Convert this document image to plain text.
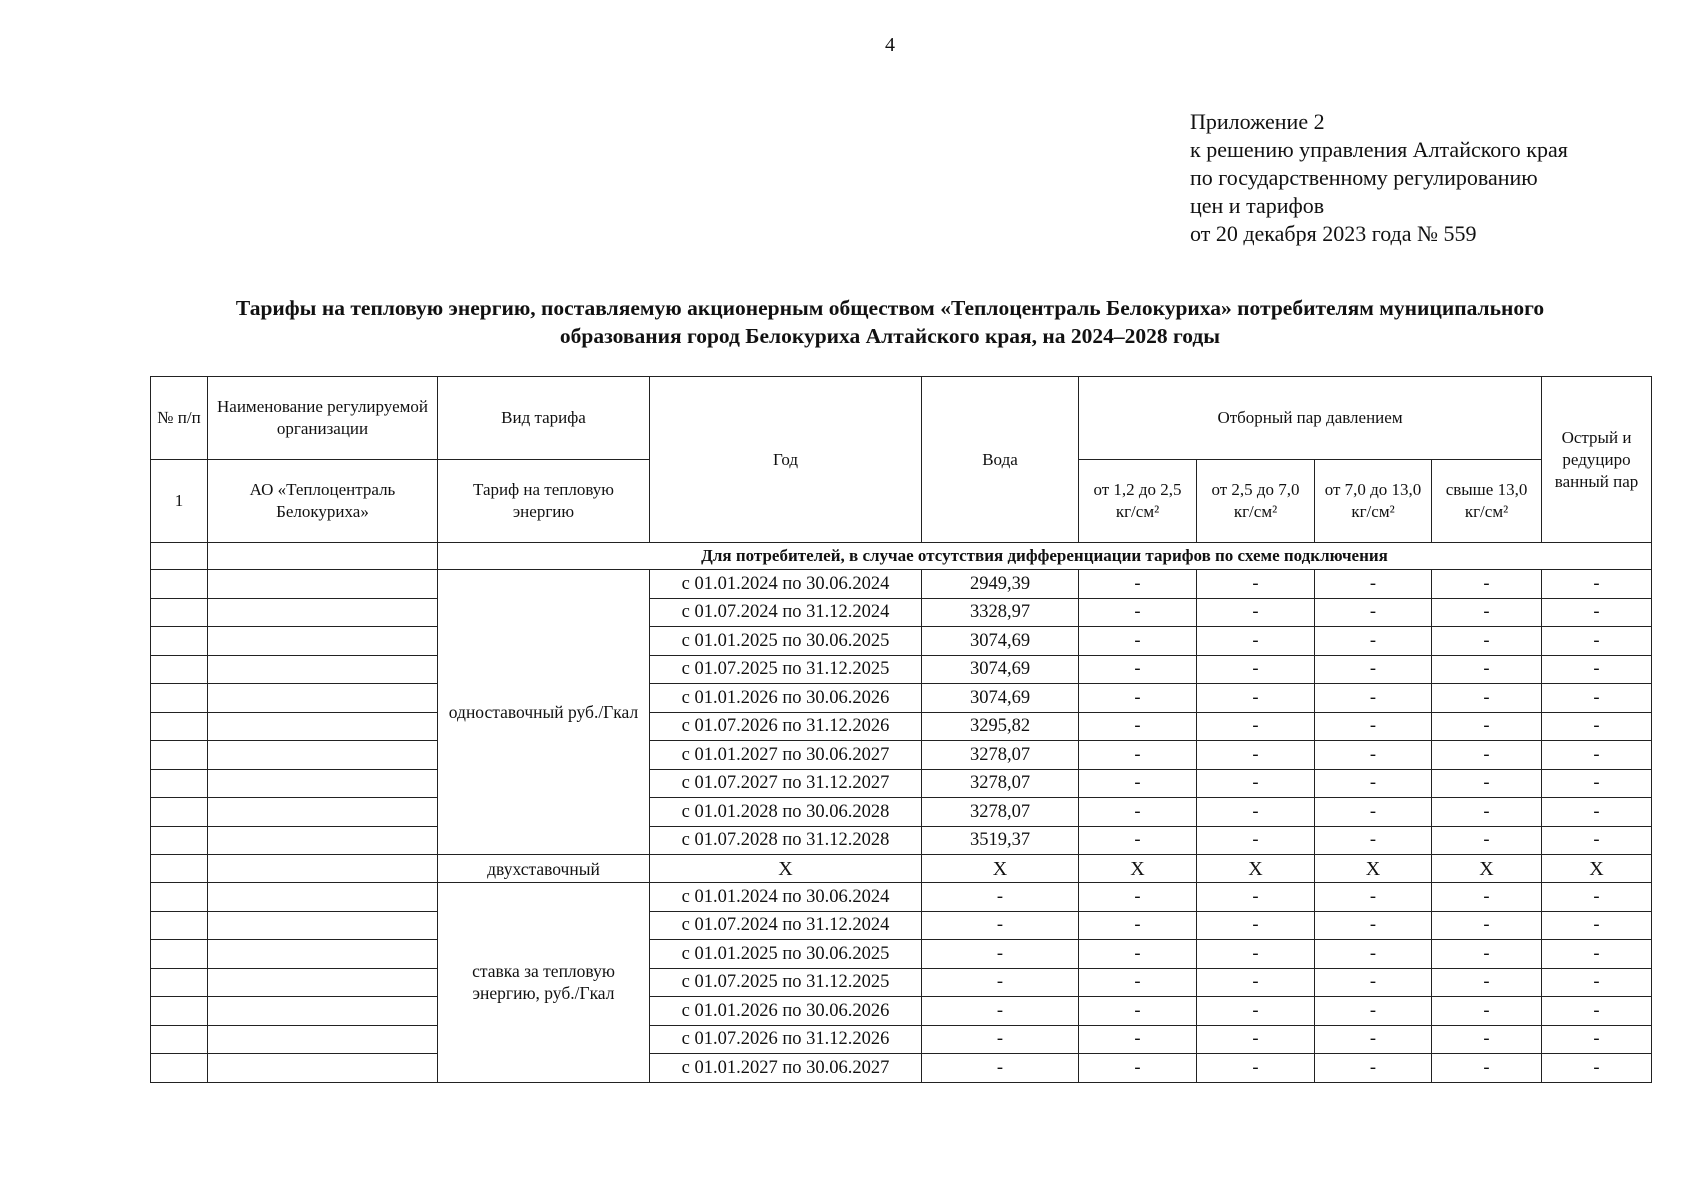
4
Приложение 2
к решению управления Алтайского края
по государственному регулированию
цен и тарифов
от 20 декабря 2023 года № 559
Тарифы на тепловую энергию, поставляемую акционерным обществом «Теплоцентраль Белокуриха» потребителям муниципального
образования город Белокуриха Алтайского края, на 2024–2028 годы
№ п/п	Наименование регулируемой организации	Вид тарифа	Год	Вода	Отборный пар давлением				Острый и редуциро ванный пар
1	АО «Теплоцентраль Белокуриха»	Тариф на тепловую энергию			от 1,2 до 2,5 кг/см²	от 2,5 до 7,0 кг/см²	от 7,0 до 13,0 кг/см²	свыше 13,0 кг/см²	
		Для потребителей, в случае отсутствия дифференциации тарифов по схеме подключения							
		одноставочный руб./Гкал	с 01.01.2024 по 30.06.2024	2949,39	-	-	-	-	-
			с 01.07.2024 по 31.12.2024	3328,97	-	-	-	-	-
			с 01.01.2025 по 30.06.2025	3074,69	-	-	-	-	-
			с 01.07.2025 по 31.12.2025	3074,69	-	-	-	-	-
			с 01.01.2026 по 30.06.2026	3074,69	-	-	-	-	-
			с 01.07.2026 по 31.12.2026	3295,82	-	-	-	-	-
			с 01.01.2027 по 30.06.2027	3278,07	-	-	-	-	-
			с 01.07.2027 по 31.12.2027	3278,07	-	-	-	-	-
			с 01.01.2028 по 30.06.2028	3278,07	-	-	-	-	-
			с 01.07.2028 по 31.12.2028	3519,37	-	-	-	-	-
		двухставочный	X	X	X	X	X	X	X
		ставка за тепловую энергию, руб./Гкал	с 01.01.2024 по 30.06.2024	-	-	-	-	-	-
			с 01.07.2024 по 31.12.2024	-	-	-	-	-	-
			с 01.01.2025 по 30.06.2025	-	-	-	-	-	-
			с 01.07.2025 по 31.12.2025	-	-	-	-	-	-
			с 01.01.2026 по 30.06.2026	-	-	-	-	-	-
			с 01.07.2026 по 31.12.2026	-	-	-	-	-	-
			с 01.01.2027 по 30.06.2027	-	-	-	-	-	-
